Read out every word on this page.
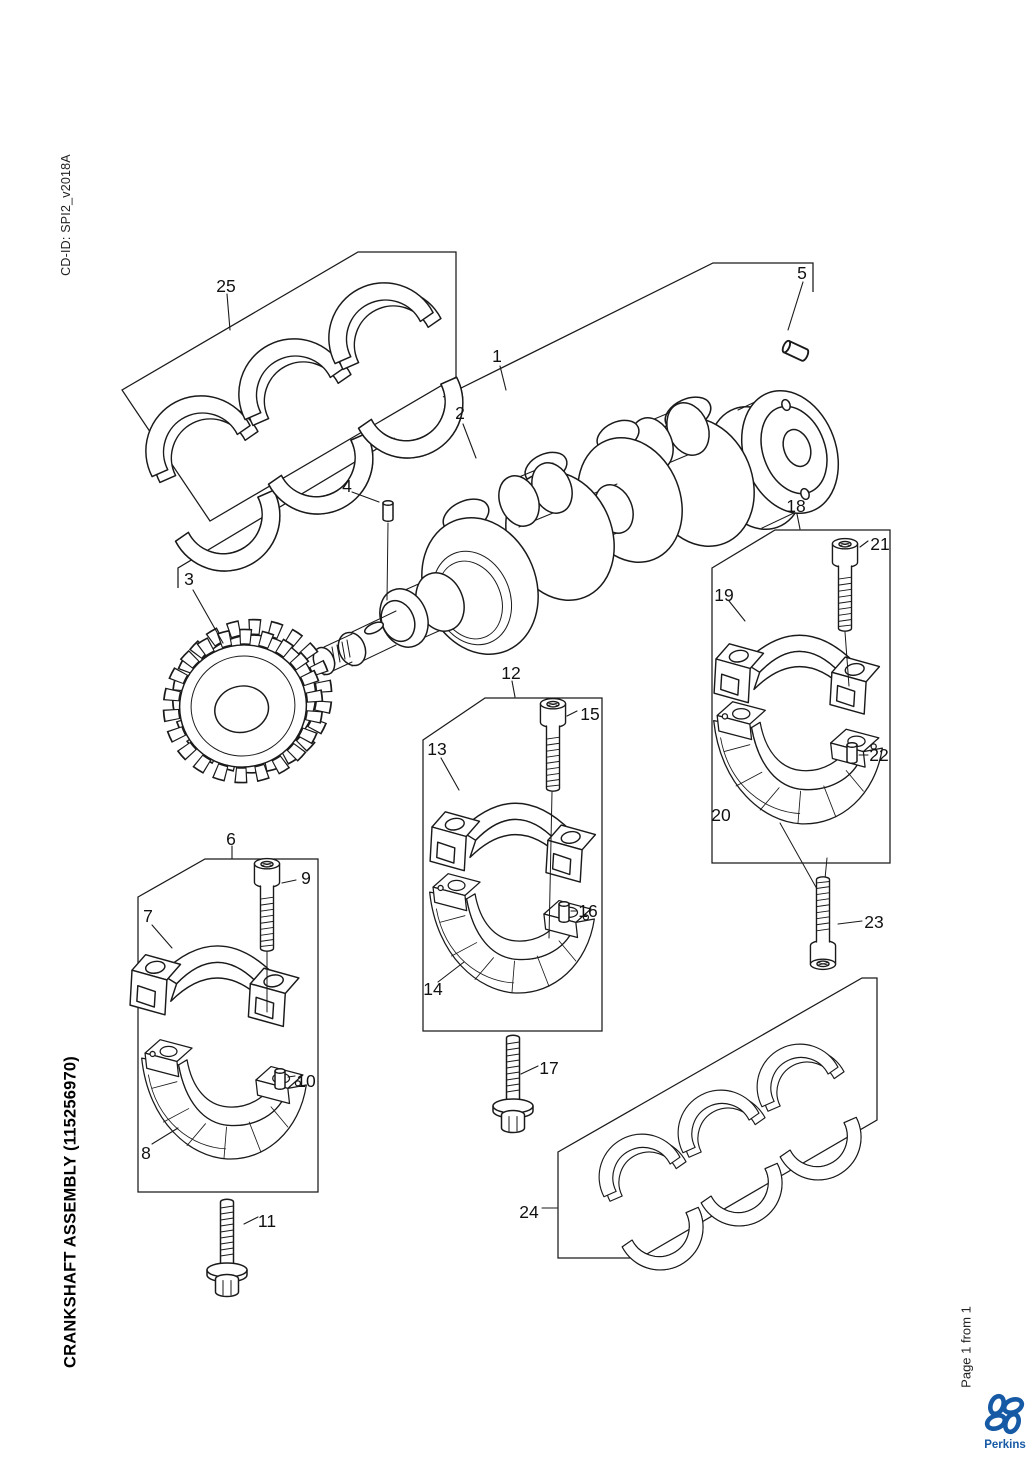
CD-ID: SPI2_v2018A
CRANKSHAFT ASSEMBLY (115256970)	Page 1 from 1
1
2
3
4
5
6
7
8
9
10
11
12
13
14
15
16
17
18
19
20
21
22
23
24
25
Perkins
